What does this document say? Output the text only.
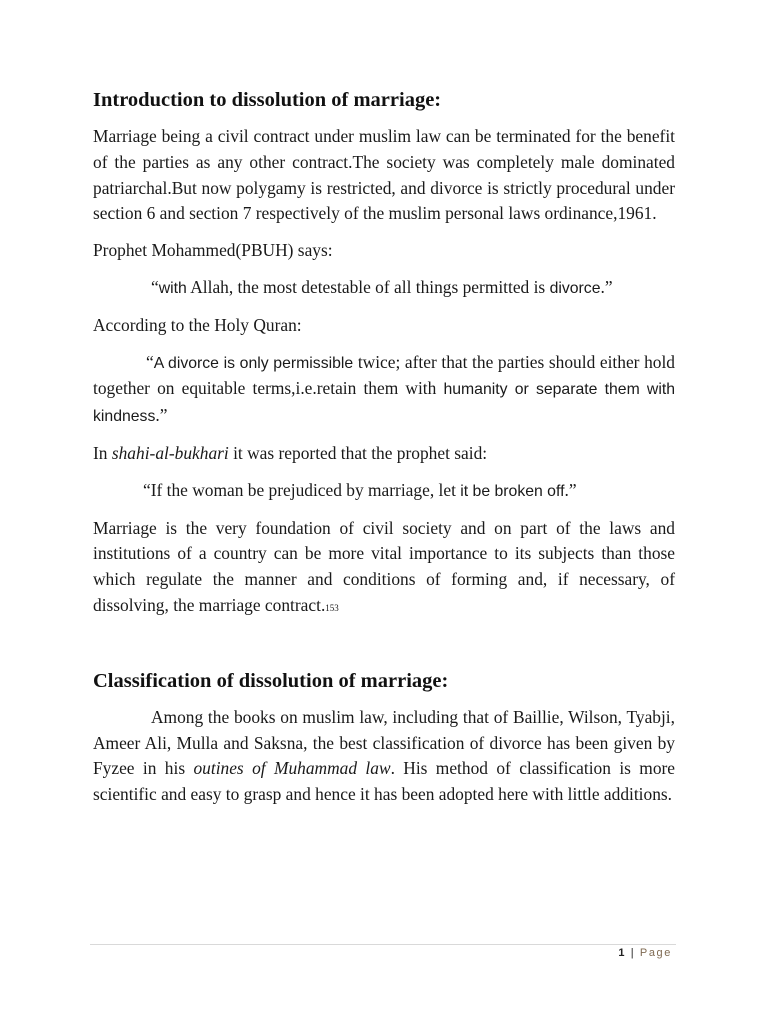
Introduction to dissolution of marriage:

Marriage being a civil contract under muslim law can be terminated for the benefit of the parties as any other contract.The society was completely male dominated patriarchal.But now polygamy is restricted, and divorce is strictly procedural under section 6 and section 7 respectively of the muslim personal laws ordinance,1961.

Prophet Mohammed(PBUH) says:

“with Allah, the most detestable of all things permitted is divorce.”

According to the Holy Quran:

“A divorce is only permissible twice; after that the parties should either hold together on equitable terms,i.e.retain them with humanity or separate them with kindness.”

In shahi-al-bukhari it was reported that the prophet said:

“If the woman be prejudiced by marriage, let it be broken off.”

Marriage is the very foundation of civil society and on part of the laws and institutions of a country can be more vital importance to its subjects than those which regulate the manner and conditions of forming and, if necessary, of dissolving, the marriage contract.153

Classification of dissolution of marriage:

Among the books on muslim law, including that of Baillie, Wilson, Tyabji, Ameer Ali, Mulla and Saksna, the best classification of divorce has been given by Fyzee in his outines of Muhammad law. His method of classification is more scientific and easy to grasp and hence it has been adopted here with little additions.

1 | Page
